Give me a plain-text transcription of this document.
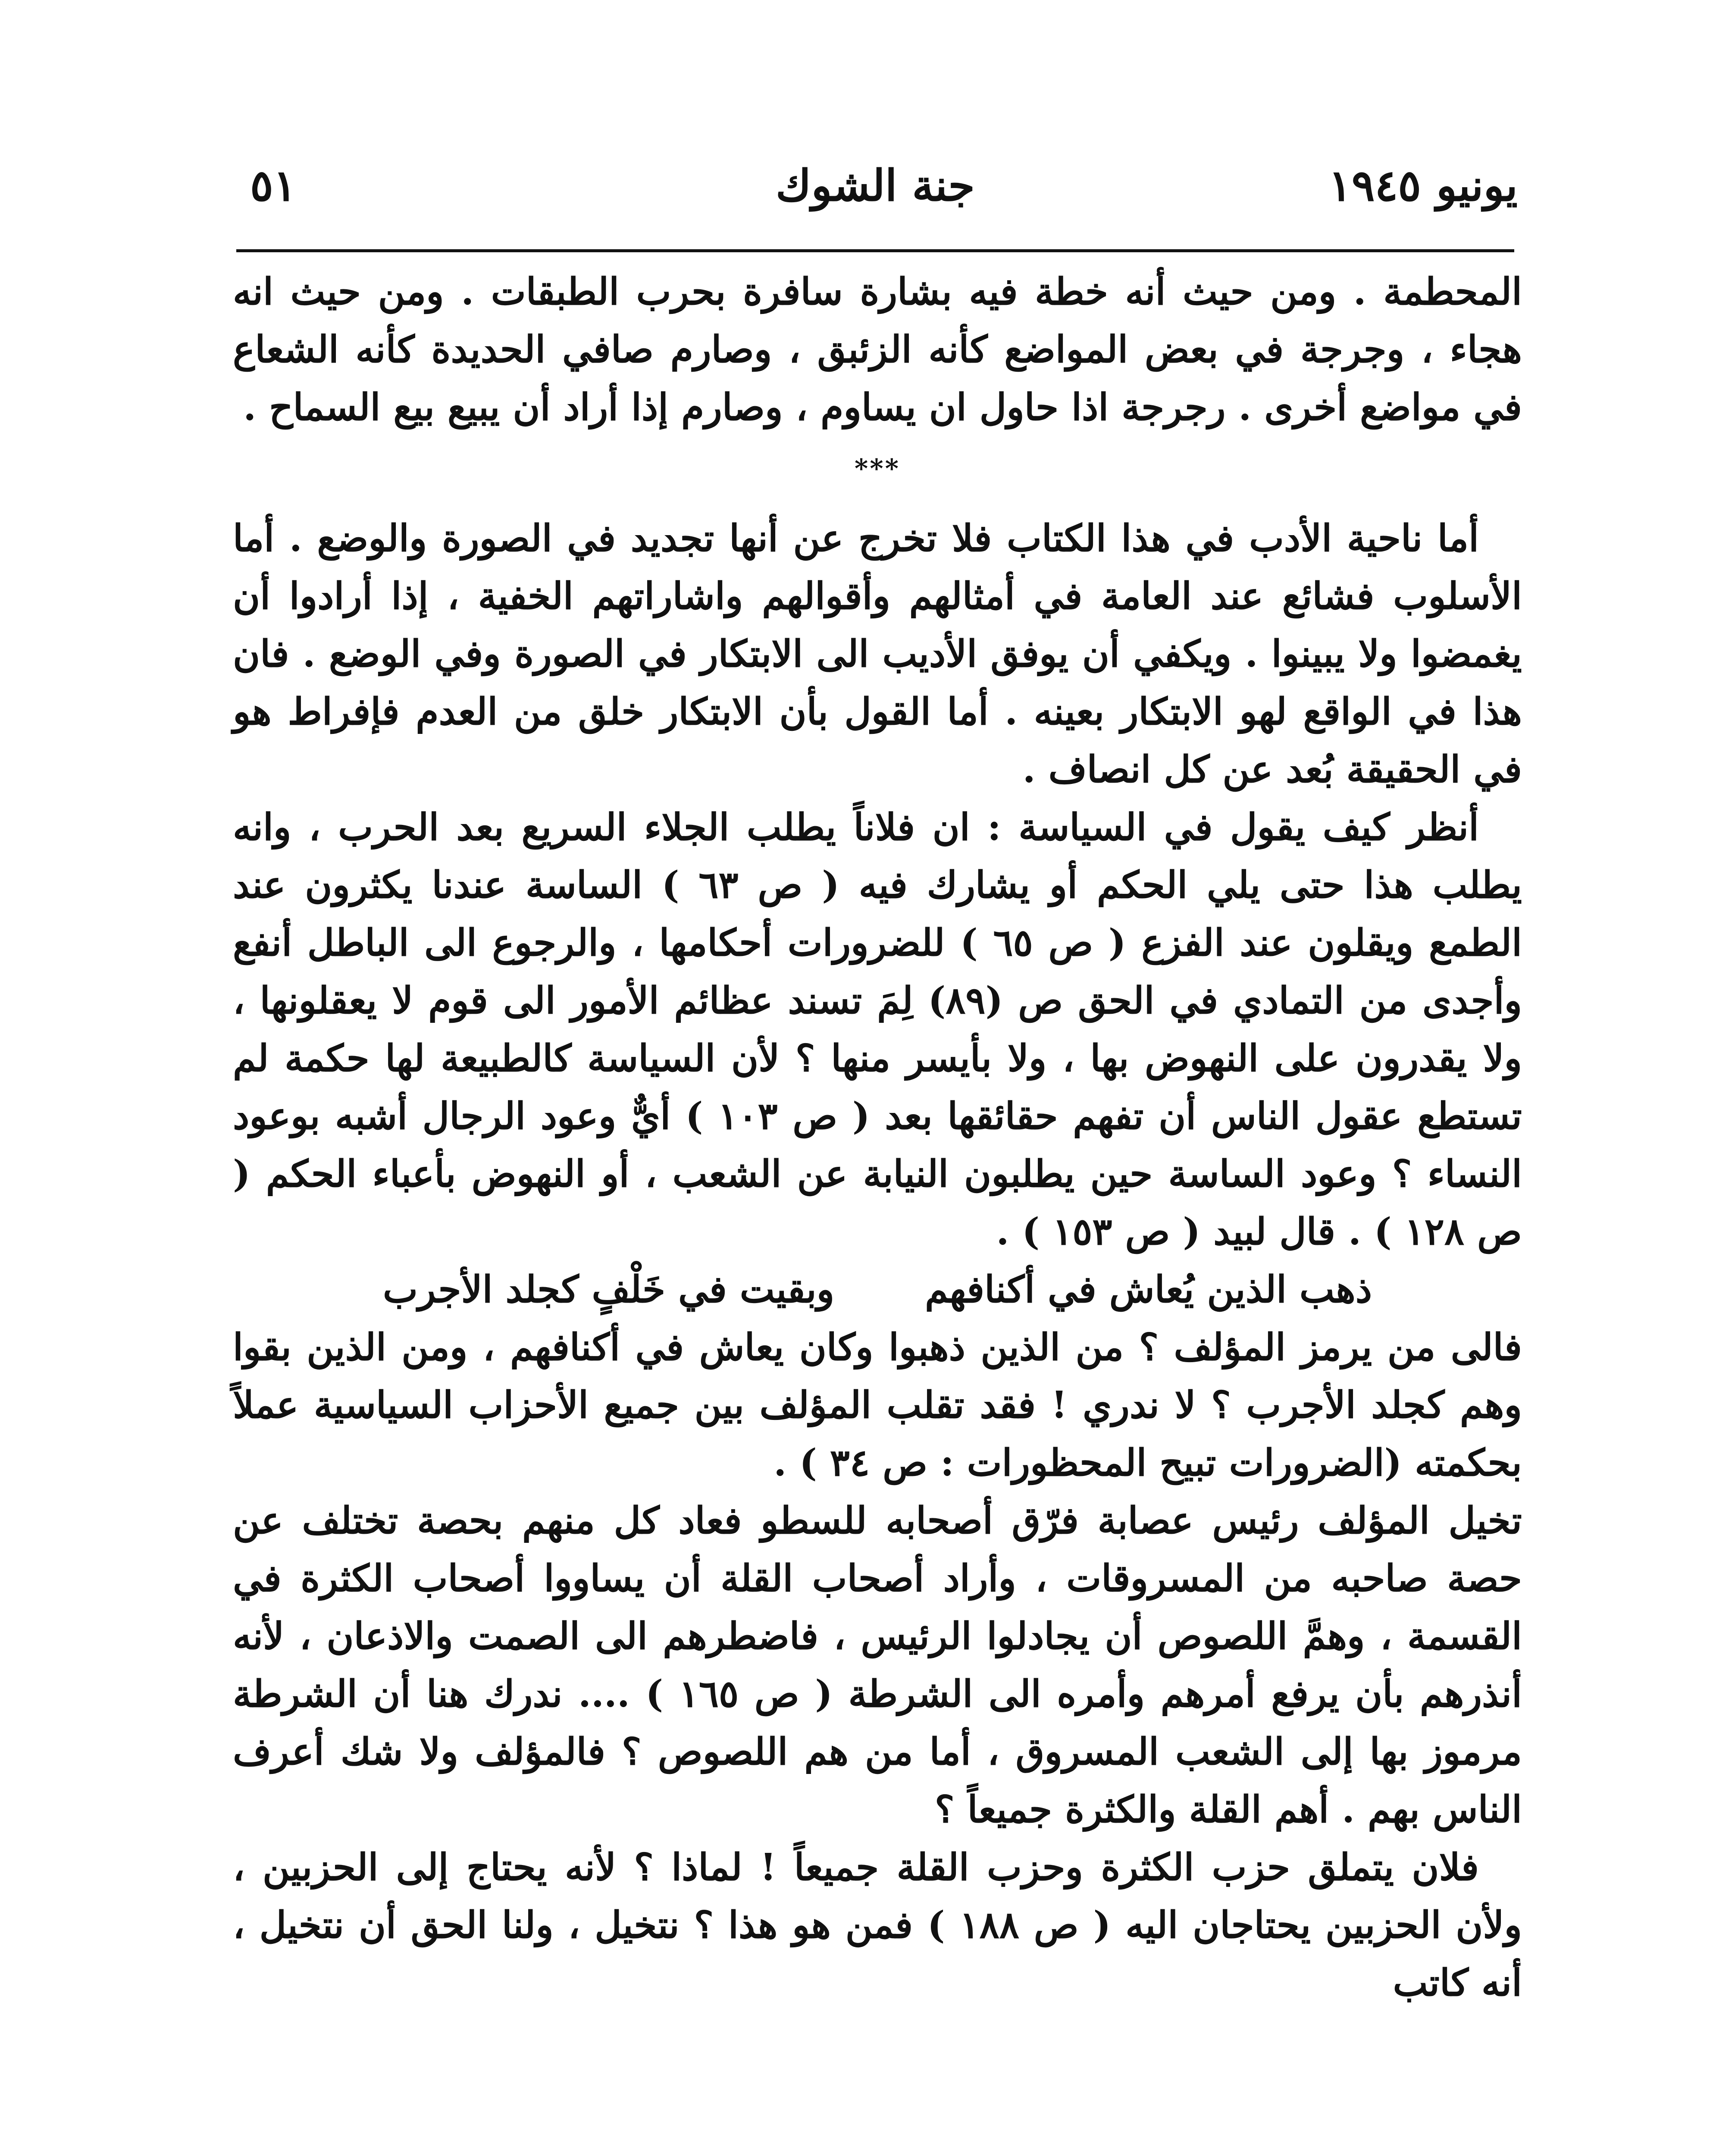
يونيو ١٩٤٥
جنة الشوك
٥١

المحطمة . ومن حيث أنه خطة فيه بشارة سافرة بحرب الطبقات . ومن حيث انه هجاء ، وجرجة في بعض المواضع كأنه الزئبق ، وصارم صافي الحديدة كأنه الشعاع في مواضع أخرى . رجرجة اذا حاول ان يساوم ، وصارم إذا أراد أن يبيع بيع السماح .

***

أما ناحية الأدب في هذا الكتاب فلا تخرج عن أنها تجديد في الصورة والوضع . أما الأسلوب فشائع عند العامة في أمثالهم وأقوالهم واشاراتهم الخفية ، إذا أرادوا أن يغمضوا ولا يبينوا . ويكفي أن يوفق الأديب الى الابتكار في الصورة وفي الوضع . فان هذا في الواقع لهو الابتكار بعينه . أما القول بأن الابتكار خلق من العدم فإفراط هو في الحقيقة بُعد عن كل انصاف .

أنظر كيف يقول في السياسة : ان فلاناً يطلب الجلاء السريع بعد الحرب ، وانه يطلب هذا حتى يلي الحكم أو يشارك فيه ( ص ٦٣ ) الساسة عندنا يكثرون عند الطمع ويقلون عند الفزع ( ص ٦٥ ) للضرورات أحكامها ، والرجوع الى الباطل أنفع وأجدى من التمادي في الحق ص (٨٩) لِمَ تسند عظائم الأمور الى قوم لا يعقلونها ، ولا يقدرون على النهوض بها ، ولا بأيسر منها ؟ لأن السياسة كالطبيعة لها حكمة لم تستطع عقول الناس أن تفهم حقائقها بعد ( ص ١٠٣ ) أيٌّ وعود الرجال أشبه بوعود النساء ؟ وعود الساسة حين يطلبون النيابة عن الشعب ، أو النهوض بأعباء الحكم ( ص ١٢٨ ) . قال لبيد ( ص ١٥٣ ) .

ذهب الذين يُعاش في أكنافهم وبقيت في خَلْفٍ كجلد الأجرب

فالى من يرمز المؤلف ؟ من الذين ذهبوا وكان يعاش في أكنافهم ، ومن الذين بقوا وهم كجلد الأجرب ؟ لا ندري ! فقد تقلب المؤلف بين جميع الأحزاب السياسية عملاً بحكمته (الضرورات تبيح المحظورات : ص ٣٤ ) .

تخيل المؤلف رئيس عصابة فرّق أصحابه للسطو فعاد كل منهم بحصة تختلف عن حصة صاحبه من المسروقات ، وأراد أصحاب القلة أن يساووا أصحاب الكثرة في القسمة ، وهمَّ اللصوص أن يجادلوا الرئيس ، فاضطرهم الى الصمت والاذعان ، لأنه أنذرهم بأن يرفع أمرهم وأمره الى الشرطة ( ص ١٦٥ ) .... ندرك هنا أن الشرطة مرموز بها إلى الشعب المسروق ، أما من هم اللصوص ؟ فالمؤلف ولا شك أعرف الناس بهم . أهم القلة والكثرة جميعاً ؟

فلان يتملق حزب الكثرة وحزب القلة جميعاً ! لماذا ؟ لأنه يحتاج إلى الحزبين ، ولأن الحزبين يحتاجان اليه ( ص ١٨٨ ) فمن هو هذا ؟ نتخيل ، ولنا الحق أن نتخيل ، أنه كاتب
